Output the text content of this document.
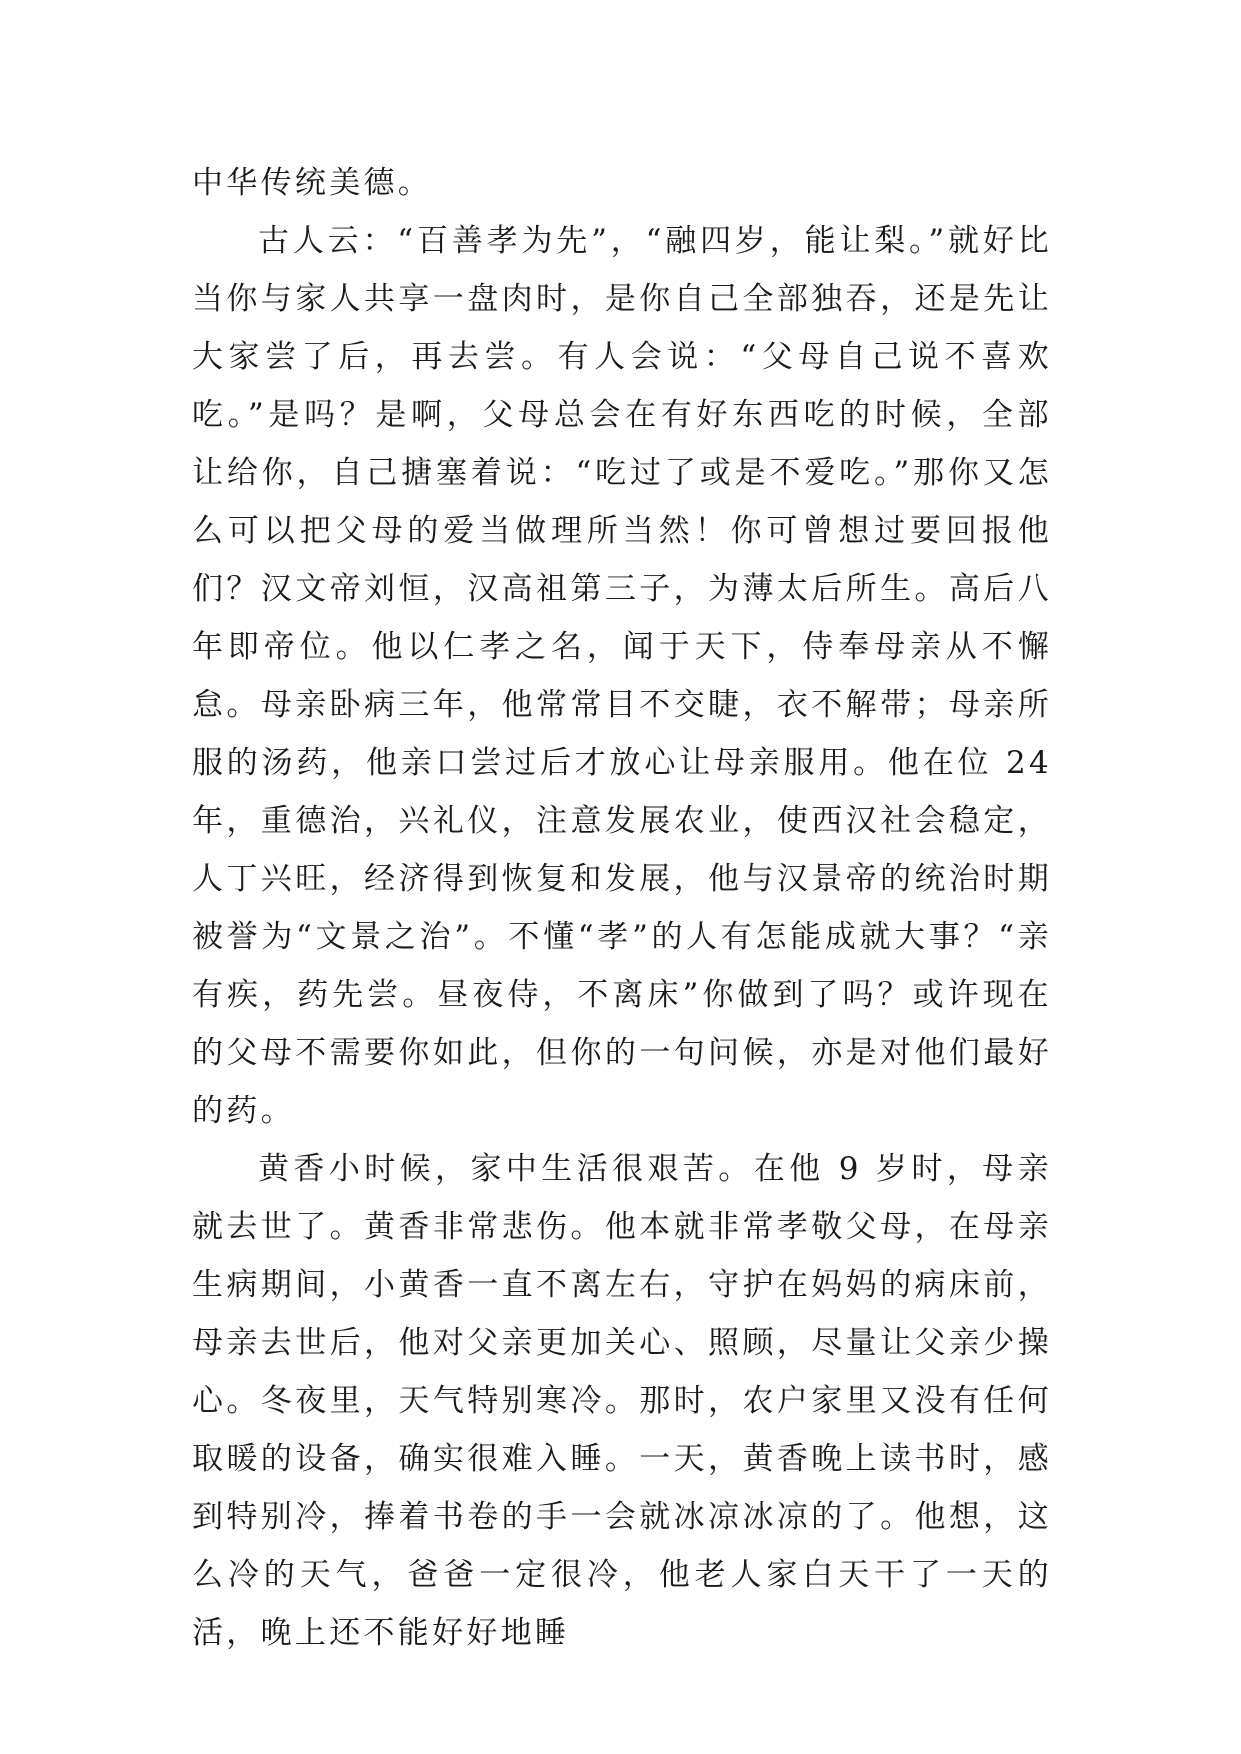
中华传统美德。

古人云：“百善孝为先”，“融四岁，能让梨。”就好比当你与家人共享一盘肉时，是你自己全部独吞，还是先让大家尝了后，再去尝。有人会说：“父母自己说不喜欢吃。”是吗？是啊，父母总会在有好东西吃的时候，全部让给你，自己搪塞着说：“吃过了或是不爱吃。”那你又怎么可以把父母的爱当做理所当然！你可曾想过要回报他们？汉文帝刘恒，汉高祖第三子，为薄太后所生。高后八年即帝位。他以仁孝之名，闻于天下，侍奉母亲从不懈怠。母亲卧病三年，他常常目不交睫，衣不解带；母亲所服的汤药，他亲口尝过后才放心让母亲服用。他在位 24 年，重德治，兴礼仪，注意发展农业，使西汉社会稳定，人丁兴旺，经济得到恢复和发展，他与汉景帝的统治时期被誉为“文景之治”。不懂“孝”的人有怎能成就大事？“亲有疾，药先尝。昼夜侍，不离床”你做到了吗？或许现在的父母不需要你如此，但你的一句问候，亦是对他们最好的药。

黄香小时候，家中生活很艰苦。在他 9 岁时，母亲就去世了。黄香非常悲伤。他本就非常孝敬父母，在母亲生病期间，小黄香一直不离左右，守护在妈妈的病床前，母亲去世后，他对父亲更加关心、照顾，尽量让父亲少操心。冬夜里，天气特别寒冷。那时，农户家里又没有任何取暖的设备，确实很难入睡。一天，黄香晚上读书时，感到特别冷，捧着书卷的手一会就冰凉冰凉的了。他想，这么冷的天气，爸爸一定很冷，他老人家白天干了一天的活，晚上还不能好好地睡
